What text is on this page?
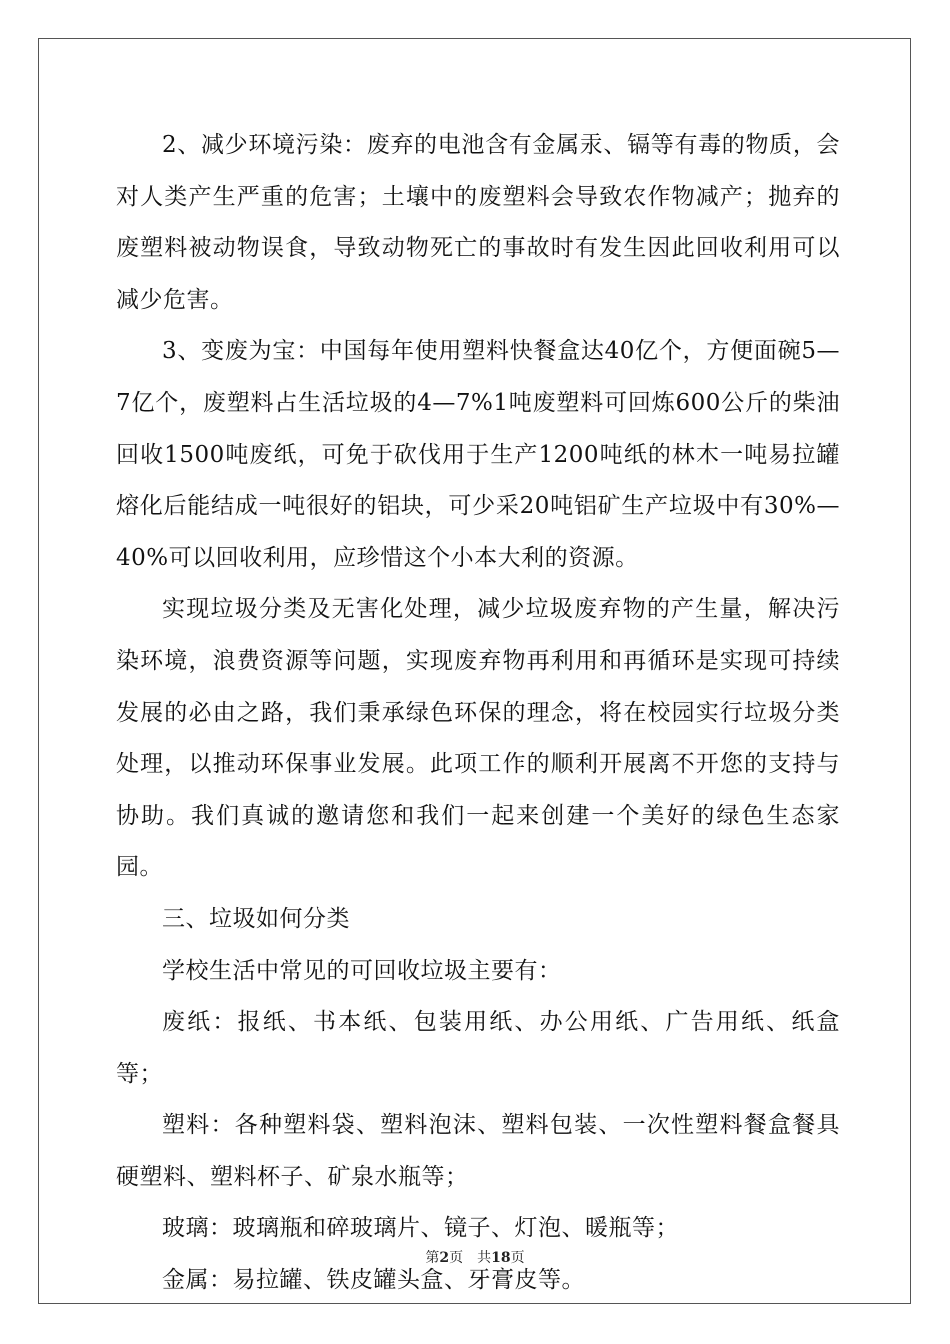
2、减少环境污染：废弃的电池含有金属汞、镉等有毒的物质，会对人类产生严重的危害；土壤中的废塑料会导致农作物减产；抛弃的废塑料被动物误食，导致动物死亡的事故时有发生因此回收利用可以减少危害。

3、变废为宝：中国每年使用塑料快餐盒达40亿个，方便面碗5—7亿个，废塑料占生活垃圾的4—7%1吨废塑料可回炼600公斤的柴油回收1500吨废纸，可免于砍伐用于生产1200吨纸的林木一吨易拉罐熔化后能结成一吨很好的铝块，可少采20吨铝矿生产垃圾中有30%—40%可以回收利用，应珍惜这个小本大利的资源。

实现垃圾分类及无害化处理，减少垃圾废弃物的产生量，解决污染环境，浪费资源等问题，实现废弃物再利用和再循环是实现可持续发展的必由之路，我们秉承绿色环保的理念，将在校园实行垃圾分类处理，以推动环保事业发展。此项工作的顺利开展离不开您的支持与协助。我们真诚的邀请您和我们一起来创建一个美好的绿色生态家园。

三、垃圾如何分类

学校生活中常见的可回收垃圾主要有：

废纸：报纸、书本纸、包装用纸、办公用纸、广告用纸、纸盒等；

塑料：各种塑料袋、塑料泡沫、塑料包装、一次性塑料餐盒餐具硬塑料、塑料杯子、矿泉水瓶等；

玻璃：玻璃瓶和碎玻璃片、镜子、灯泡、暖瓶等；

金属：易拉罐、铁皮罐头盒、牙膏皮等。

第2页 共18页
